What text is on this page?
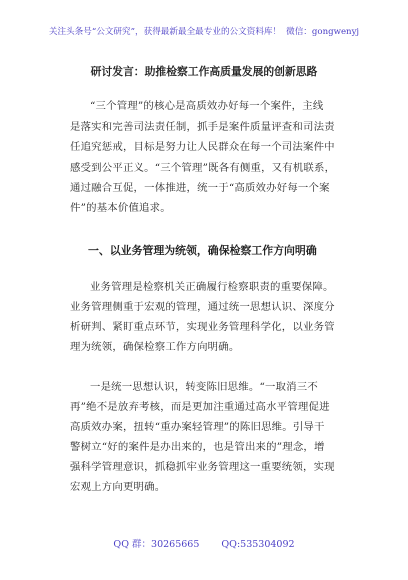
关注头条号“公文研究”，获得最新最全最专业的公文资料库！ 微信：gongwenyj
研讨发言：助推检察工作高质量发展的创新思路
“三个管理”的核心是高质效办好每一个案件，主线
是落实和完善司法责任制，抓手是案件质量评查和司法责
任追究惩戒，目标是努力让人民群众在每一个司法案件中
感受到公平正义。“三个管理”既各有侧重，又有机联系，
通过融合互促，一体推进，统一于“高质效办好每一个案
件”的基本价值追求。
一、以业务管理为统领，确保检察工作方向明确
业务管理是检察机关正确履行检察职责的重要保障。
业务管理侧重于宏观的管理，通过统一思想认识、深度分
析研判、紧盯重点环节，实现业务管理科学化，以业务管
理为统领，确保检察工作方向明确。
一是统一思想认识，转变陈旧思维。“一取消三不
再”绝不是放弃考核，而是更加注重通过高水平管理促进
高质效办案，扭转“重办案轻管理”的陈旧思维。引导干
警树立“好的案件是办出来的，也是管出来的”理念，增
强科学管理意识，抓稳抓牢业务管理这一重要统领，实现
宏观上方向更明确。
QQ 群：30265665 QQ:535304092
